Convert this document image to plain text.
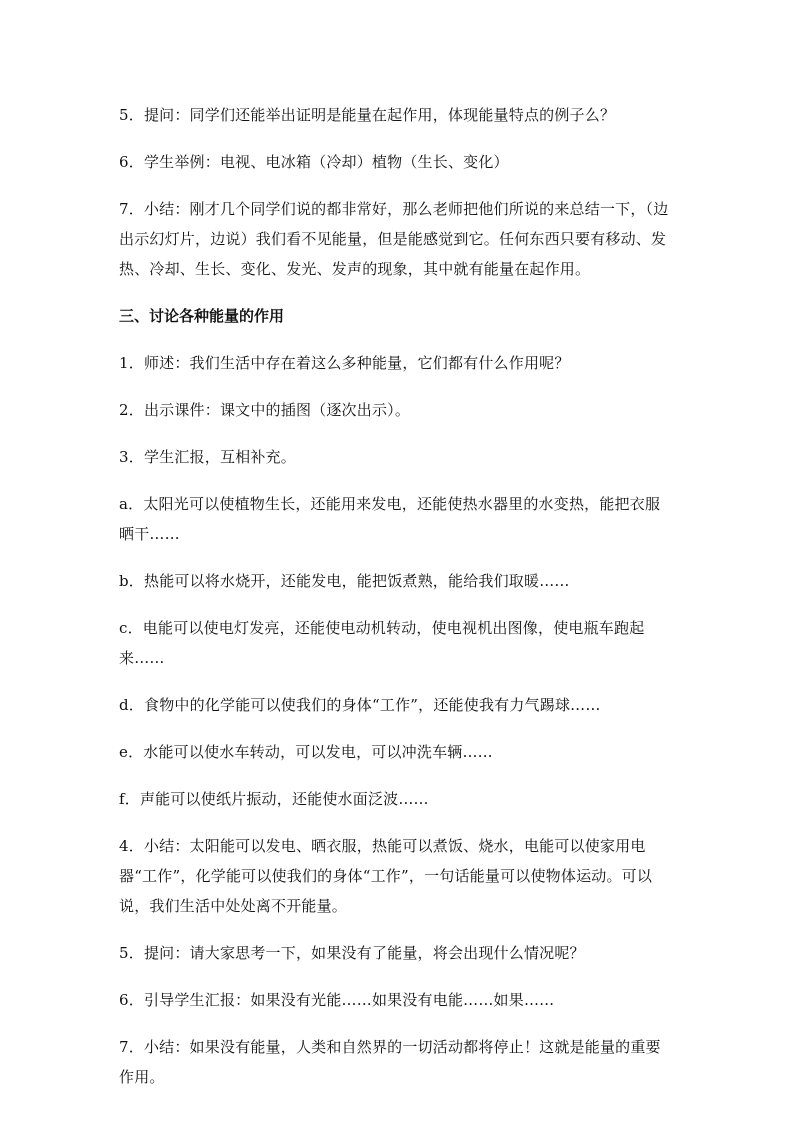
5．提问：同学们还能举出证明是能量在起作用，体现能量特点的例子么？

6．学生举例：电视、电冰箱（冷却）植物（生长、变化）

7．小结：刚才几个同学们说的都非常好，那么老师把他们所说的来总结一下，（边出示幻灯片，边说）我们看不见能量，但是能感觉到它。任何东西只要有移动、发热、冷却、生长、变化、发光、发声的现象，其中就有能量在起作用。

三、讨论各种能量的作用

1．师述：我们生活中存在着这么多种能量，它们都有什么作用呢？

2．出示课件：课文中的插图（逐次出示）。

3．学生汇报，互相补充。

a．太阳光可以使植物生长，还能用来发电，还能使热水器里的水变热，能把衣服晒干……

b．热能可以将水烧开，还能发电，能把饭煮熟，能给我们取暖……

c．电能可以使电灯发亮，还能使电动机转动，使电视机出图像，使电瓶车跑起来……

d．食物中的化学能可以使我们的身体“工作”，还能使我有力气踢球……

e．水能可以使水车转动，可以发电，可以冲洗车辆……

f．声能可以使纸片振动，还能使水面泛波……

4．小结：太阳能可以发电、晒衣服，热能可以煮饭、烧水，电能可以使家用电器“工作”，化学能可以使我们的身体“工作”，一句话能量可以使物体运动。可以说，我们生活中处处离不开能量。

5．提问：请大家思考一下，如果没有了能量，将会出现什么情况呢？

6．引导学生汇报：如果没有光能……如果没有电能……如果……

7．小结：如果没有能量，人类和自然界的一切活动都将停止！这就是能量的重要作用。
